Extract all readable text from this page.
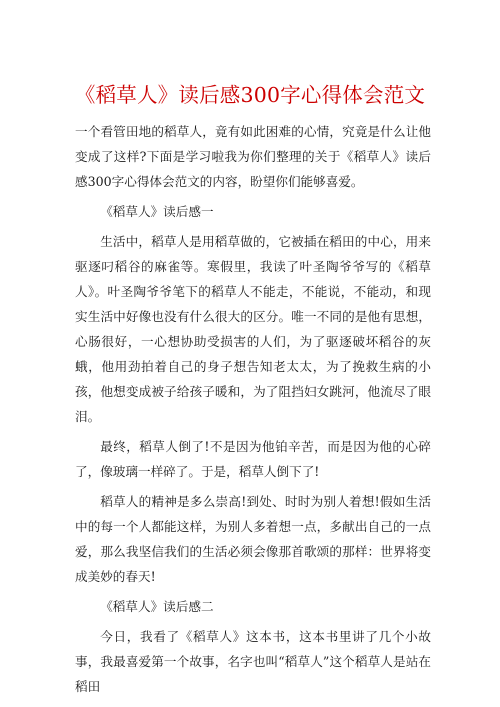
《稻草人》读后感300字心得体会范文

一个看管田地的稻草人，竟有如此困难的心情，究竟是什么让他变成了这样?下面是学习啦我为你们整理的关于《稻草人》读后感300字心得体会范文的内容，盼望你们能够喜爱。

《稻草人》读后感一

生活中，稻草人是用稻草做的，它被插在稻田的中心，用来驱逐叼稻谷的麻雀等。寒假里，我读了叶圣陶爷爷写的《稻草人》。叶圣陶爷爷笔下的稻草人不能走，不能说，不能动，和现实生活中好像也没有什么很大的区分。唯一不同的是他有思想，心肠很好，一心想协助受损害的人们，为了驱逐破坏稻谷的灰蛾，他用劲拍着自己的身子想告知老太太，为了挽救生病的小孩，他想变成被子给孩子暖和，为了阻挡妇女跳河，他流尽了眼泪。

最终，稻草人倒了!不是因为他铂辛苦，而是因为他的心碎了，像玻璃一样碎了。于是，稻草人倒下了!

稻草人的精神是多么崇高!到处、时时为别人着想!假如生活中的每一个人都能这样，为别人多着想一点，多献出自己的一点爱，那么我坚信我们的生活必须会像那首歌颂的那样：世界将变成美妙的春天!

《稻草人》读后感二

今日，我看了《稻草人》这本书，这本书里讲了几个小故事，我最喜爱第一个故事，名字也叫“稻草人”这个稻草人是站在稻田
